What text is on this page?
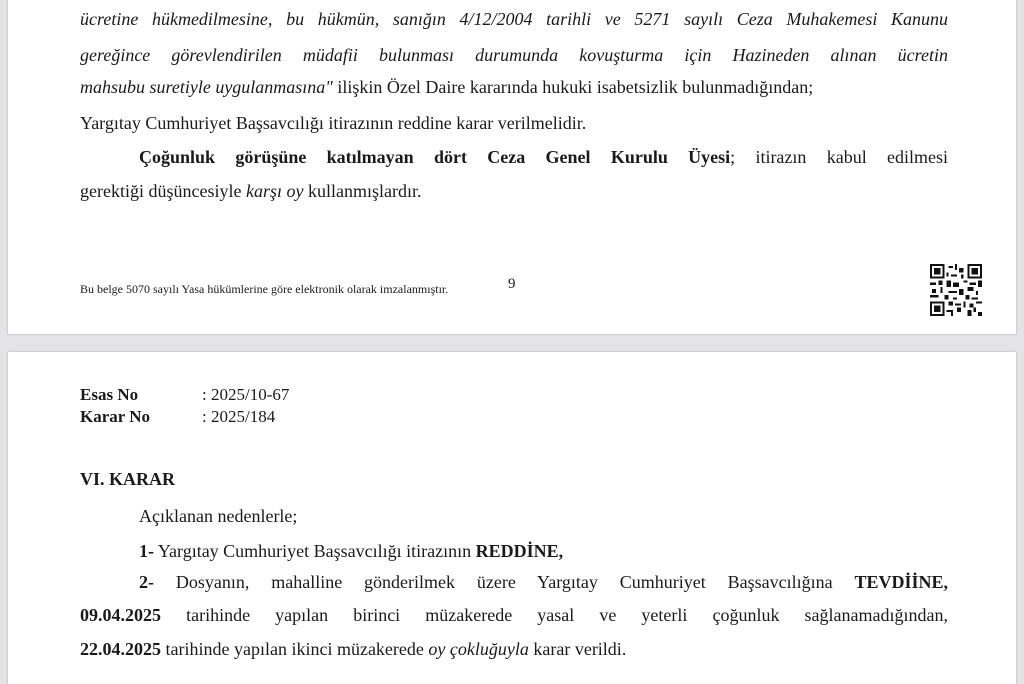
ücretine hükmedilmesine, bu hükmün, sanığın 4/12/2004 tarihli ve 5271 sayılı Ceza Muhakemesi Kanunu
gereğince görevlendirilen müdafii bulunması durumunda kovuşturma için Hazineden alınan ücretin
mahsubu suretiyle uygulanmasına" ilişkin Özel Daire kararında hukuki isabetsizlik bulunmadığından;
Yargıtay Cumhuriyet Başsavcılığı itirazının reddine karar verilmelidir.
Çoğunluk görüşüne katılmayan dört Ceza Genel Kurulu Üyesi; itirazın kabul edilmesi
gerektiği düşüncesiyle karşı oy kullanmışlardır.
Bu belge 5070 sayılı Yasa hükümlerine göre elektronik olarak imzalanmıştır.	9
Esas No	: 2025/10-67
Karar No	: 2025/184
VI. KARAR
Açıklanan nedenlerle;
1- Yargıtay Cumhuriyet Başsavcılığı itirazının REDDİNE,
2- Dosyanın, mahalline gönderilmek üzere Yargıtay Cumhuriyet Başsavcılığına TEVDİİNE,
09.04.2025 tarihinde yapılan birinci müzakerede yasal ve yeterli çoğunluk sağlanamadığından,
22.04.2025 tarihinde yapılan ikinci müzakerede oy çokluğuyla karar verildi.
